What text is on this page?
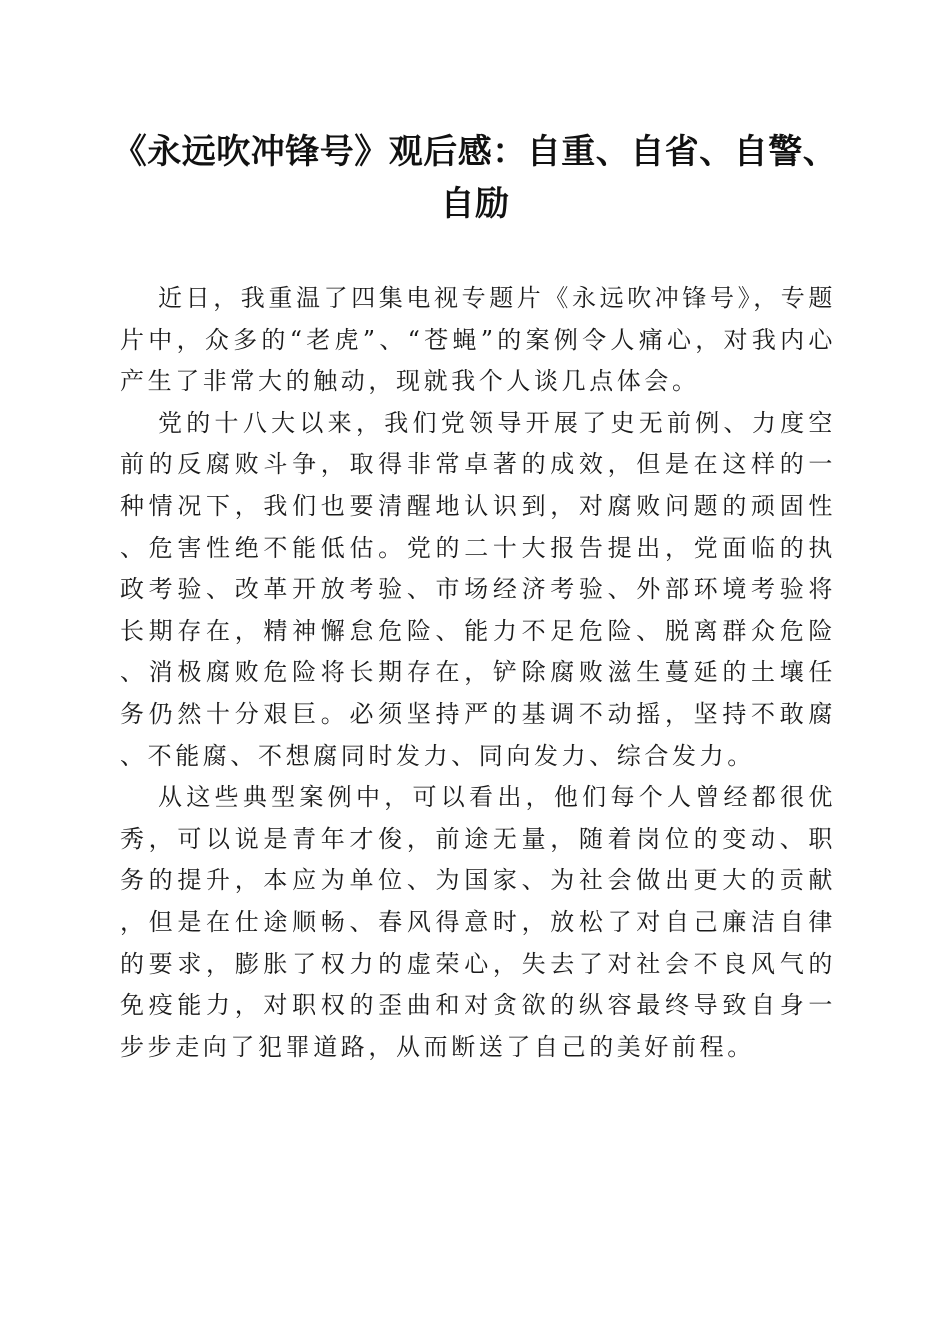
《永远吹冲锋号》观后感：自重、自省、自警、自励

近日，我重温了四集电视专题片《永远吹冲锋号》，专题片中，众多的“老虎”、“苍蝇”的案例令人痛心，对我内心产生了非常大的触动，现就我个人谈几点体会。

党的十八大以来，我们党领导开展了史无前例、力度空前的反腐败斗争，取得非常卓著的成效，但是在这样的一种情况下，我们也要清醒地认识到，对腐败问题的顽固性、危害性绝不能低估。党的二十大报告提出，党面临的执政考验、改革开放考验、市场经济考验、外部环境考验将长期存在，精神懈怠危险、能力不足危险、脱离群众危险、消极腐败危险将长期存在，铲除腐败滋生蔓延的土壤任务仍然十分艰巨。必须坚持严的基调不动摇，坚持不敢腐、不能腐、不想腐同时发力、同向发力、综合发力。

从这些典型案例中，可以看出，他们每个人曾经都很优秀，可以说是青年才俊，前途无量，随着岗位的变动、职务的提升，本应为单位、为国家、为社会做出更大的贡献，但是在仕途顺畅、春风得意时，放松了对自己廉洁自律的要求，膨胀了权力的虚荣心，失去了对社会不良风气的免疫能力，对职权的歪曲和对贪欲的纵容最终导致自身一步步走向了犯罪道路，从而断送了自己的美好前程。
